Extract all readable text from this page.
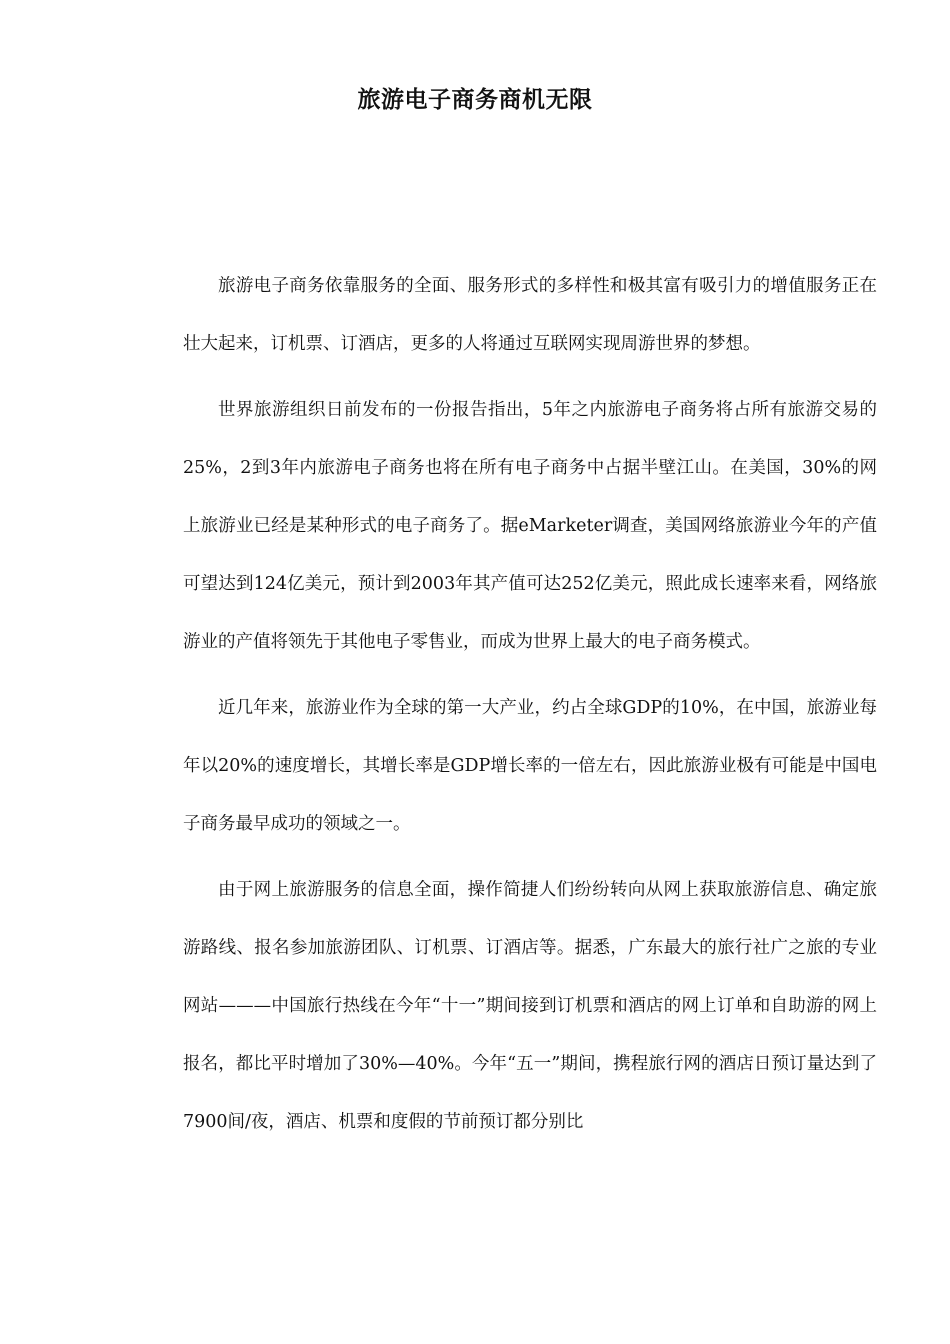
旅游电子商务商机无限

旅游电子商务依靠服务的全面、服务形式的多样性和极其富有吸引力的增值服务正在壮大起来，订机票、订酒店，更多的人将通过互联网实现周游世界的梦想。

世界旅游组织日前发布的一份报告指出，5年之内旅游电子商务将占所有旅游交易的25%，2到3年内旅游电子商务也将在所有电子商务中占据半壁江山。在美国，30%的网上旅游业已经是某种形式的电子商务了。据eMarketer调查，美国网络旅游业今年的产值可望达到124亿美元，预计到2003年其产值可达252亿美元，照此成长速率来看，网络旅游业的产值将领先于其他电子零售业，而成为世界上最大的电子商务模式。

近几年来，旅游业作为全球的第一大产业，约占全球GDP的10%，在中国，旅游业每年以20%的速度增长，其增长率是GDP增长率的一倍左右，因此旅游业极有可能是中国电子商务最早成功的领域之一。

由于网上旅游服务的信息全面，操作简捷人们纷纷转向从网上获取旅游信息、确定旅游路线、报名参加旅游团队、订机票、订酒店等。据悉，广东最大的旅行社广之旅的专业网站———中国旅行热线在今年“十一”期间接到订机票和酒店的网上订单和自助游的网上报名，都比平时增加了30%—40%。今年“五一”期间，携程旅行网的酒店日预订量达到了7900间/夜，酒店、机票和度假的节前预订都分别比
